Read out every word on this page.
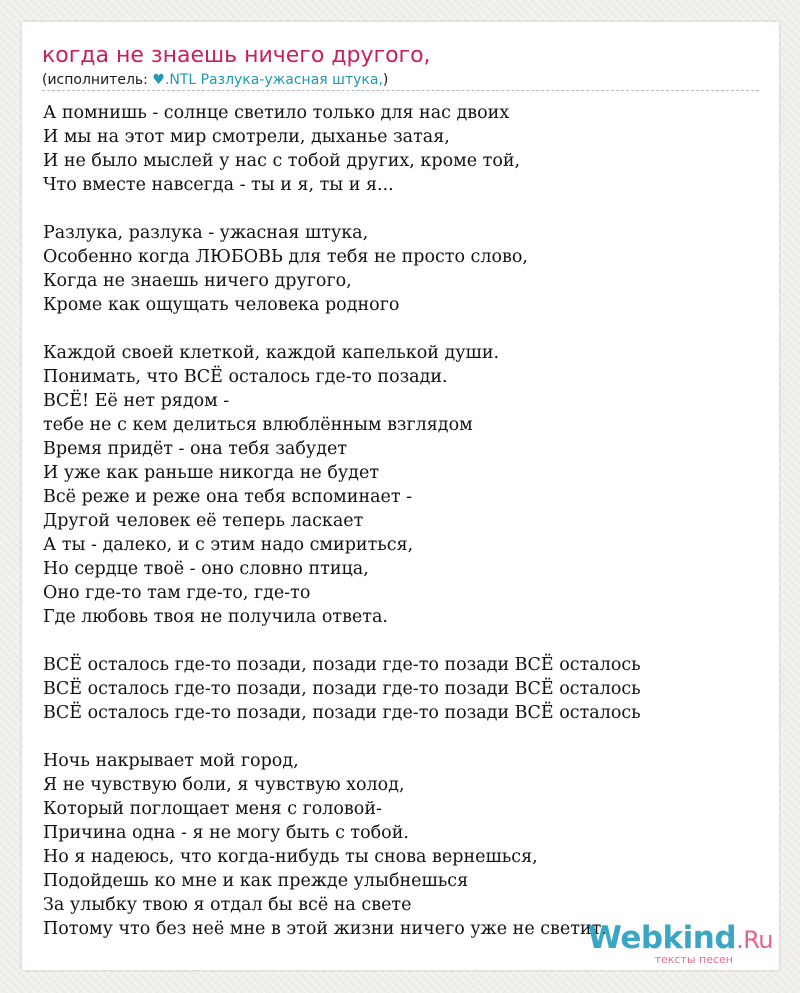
когда не знаешь ничего другого,
(исполнитель: ♥.NTL Разлука-ужасная штука,)
А помнишь - солнце светило только для нас двоих
И мы на этот мир смотрели, дыханье затая,
И не было мыслей у нас с тобой других, кроме той,
Что вместе навсегда - ты и я, ты и я...
Разлука, разлука - ужасная штука,
Особенно когда ЛЮБОВЬ для тебя не просто слово,
Когда не знаешь ничего другого,
Кроме как ощущать человека родного
Каждой своей клеткой, каждой капелькой души.
Понимать, что ВСЁ осталось где-то позади.
ВСЁ! Её нет рядом -
тебе не с кем делиться влюблённым взглядом
Время придёт - она тебя забудет
И уже как раньше никогда не будет
Всё реже и реже она тебя вспоминает -
Другой человек её теперь ласкает
А ты - далеко, и с этим надо смириться,
Но сердце твоё - оно словно птица,
Оно где-то там где-то, где-то
Где любовь твоя не получила ответа.
ВСЁ осталось где-то позади, позади где-то позади ВСЁ осталось
ВСЁ осталось где-то позади, позади где-то позади ВСЁ осталось
ВСЁ осталось где-то позади, позади где-то позади ВСЁ осталось
Ночь накрывает мой город,
Я не чувствую боли, я чувствую холод,
Который поглощает меня с головой-
Причина одна - я не могу быть с тобой.
Но я надеюсь, что когда-нибудь ты снова вернешься,
Подойдешь ко мне и как прежде улыбнешься
За улыбку твою я отдал бы всё на свете
Потому что без неё мне в этой жизни ничего уже не светит.
Webkind.Ru
тексты песен
